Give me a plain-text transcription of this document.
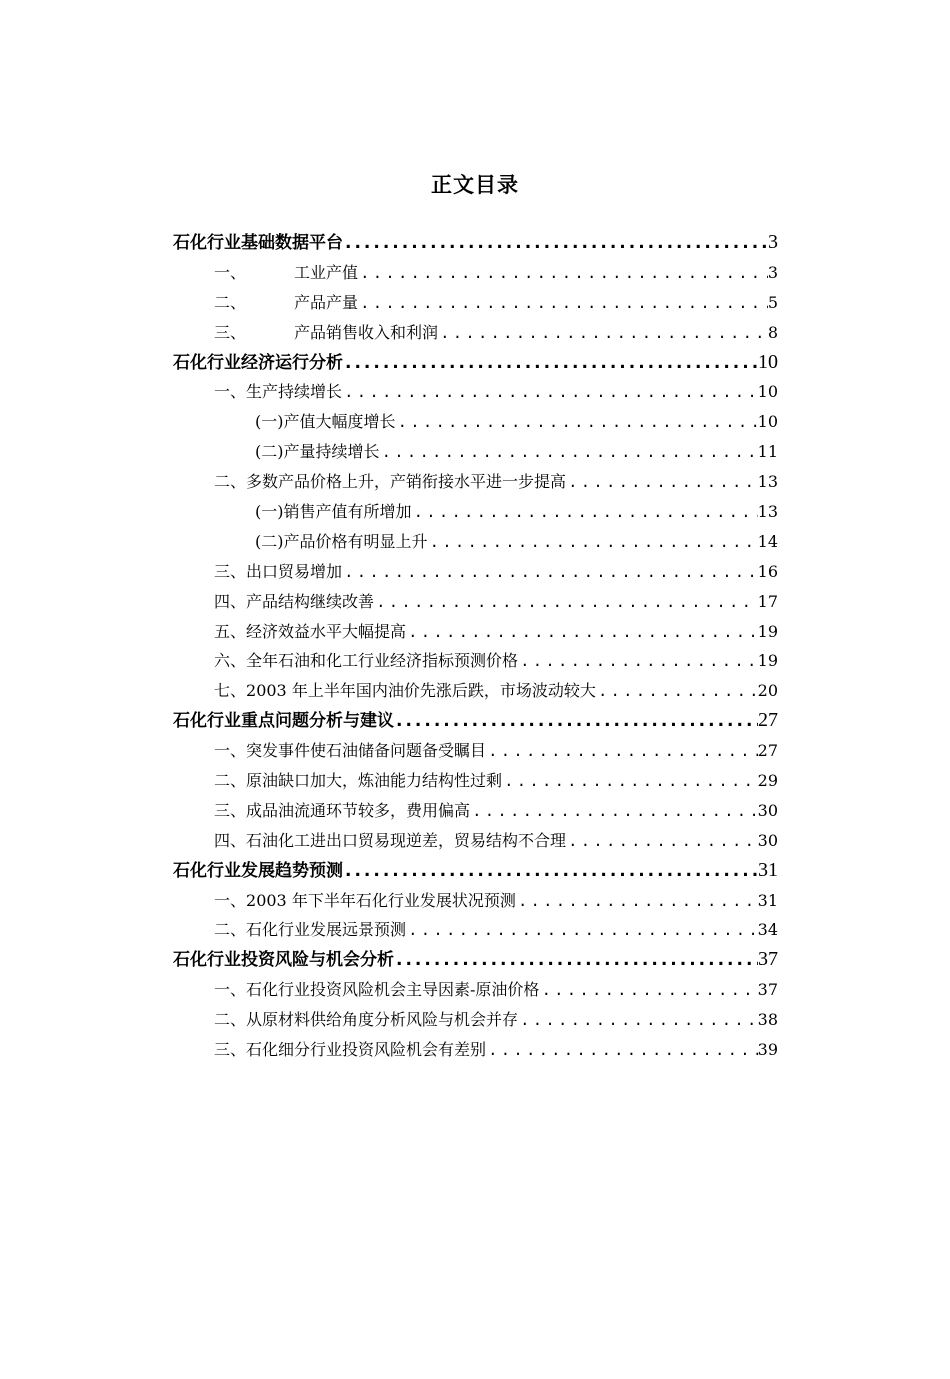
正文目录
石化行业基础数据平台 .....	3
一、	工业产值 .....	3
二、	产品产量 .....	5
三、	产品销售收入和利润 .....	8
石化行业经济运行分析 .....	10
一、 生产持续增长 .....	10
(一) 产值大幅度增长 .....	10
(二) 产量持续增长 .....	11
二、 多数产品价格上升，产销衔接水平进一步提高 .....	13
(一) 销售产值有所增加 .....	13
(二) 产品价格有明显上升 .....	14
三、 出口贸易增加 .....	16
四、 产品结构继续改善 .....	17
五、 经济效益水平大幅提高 .....	19
六、 全年石油和化工行业经济指标预测价格 .....	19
七、 2003 年上半年国内油价先涨后跌，市场波动较大 .....	20
石化行业重点问题分析与建议 .....	27
一、 突发事件使石油储备问题备受瞩目 .....	27
二、 原油缺口加大，炼油能力结构性过剩 .....	29
三、 成品油流通环节较多，费用偏高 .....	30
四、 石油化工进出口贸易现逆差，贸易结构不合理 .....	30
石化行业发展趋势预测 .....	31
一、 2003 年下半年石化行业发展状况预测 .....	31
二、 石化行业发展远景预测 .....	34
石化行业投资风险与机会分析 .....	37
一、 石化行业投资风险机会主导因素-原油价格 .....	37
二、 从原材料供给角度分析风险与机会并存 .....	38
三、 石化细分行业投资风险机会有差别 .....	39
